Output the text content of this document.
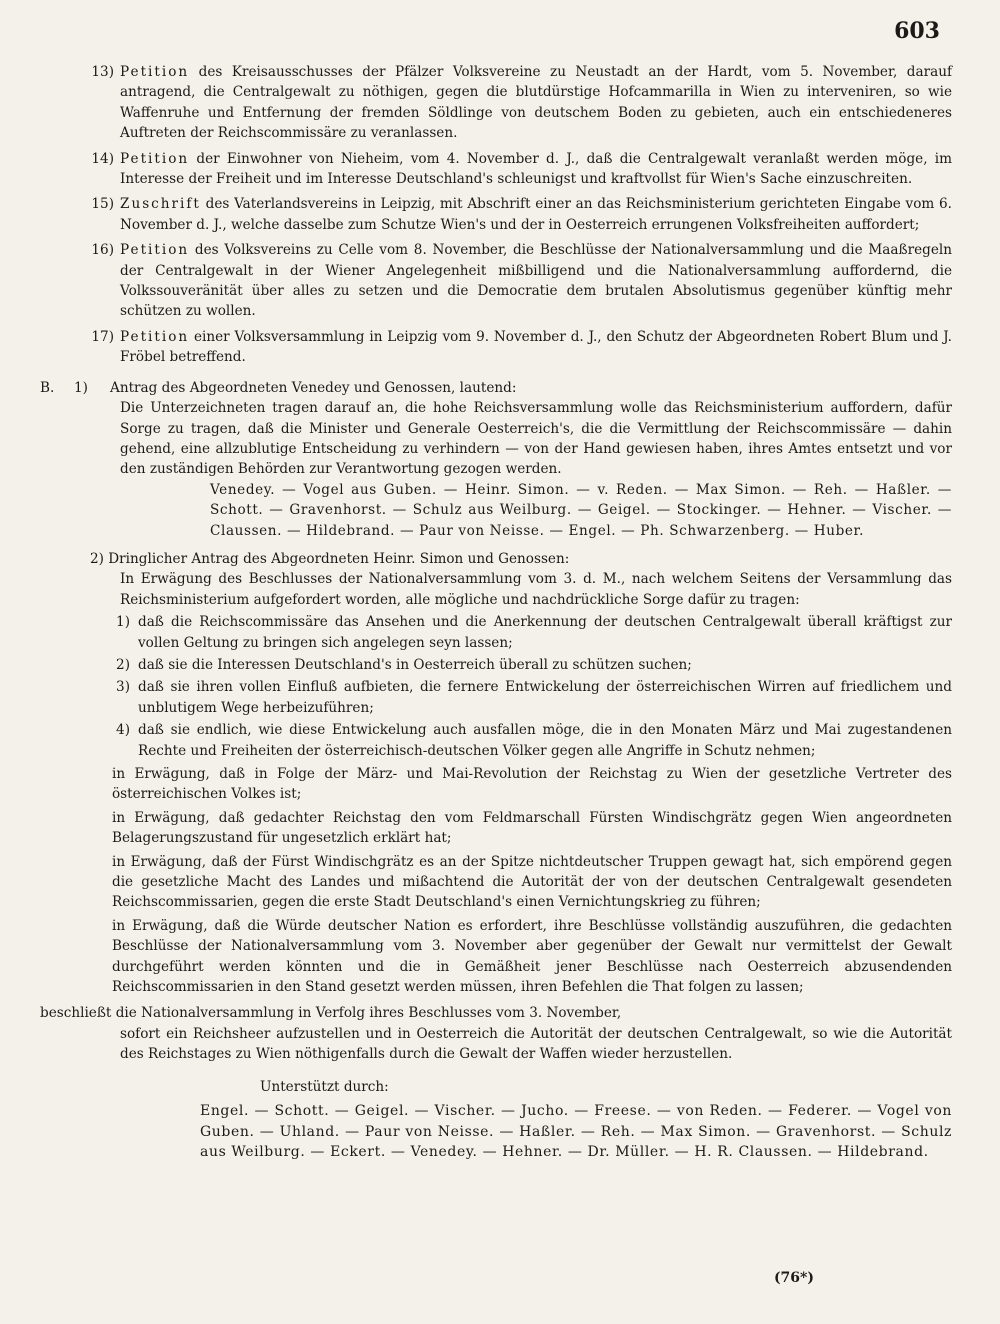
603
13) Petition des Kreisausschusses der Pfälzer Volksvereine zu Neustadt an der Hardt, vom 5. November, darauf antragend, die Centralgewalt zu nöthigen, gegen die blutdürstige Hofcammarilla in Wien zu interveniren, so wie Waffenruhe und Entfernung der fremden Söldlinge von deutschem Boden zu gebieten, auch ein entschiedeneres Auftreten der Reichscommissäre zu veranlassen.
14) Petition der Einwohner von Nieheim, vom 4. November d. J., daß die Centralgewalt veranlaßt werden möge, im Interesse der Freiheit und im Interesse Deutschland's schleunigst und kraftvollst für Wien's Sache einzuschreiten.
15) Zuschrift des Vaterlandsvereins in Leipzig, mit Abschrift einer an das Reichsministerium gerichteten Eingabe vom 6. November d. J., welche dasselbe zum Schutze Wien's und der in Oesterreich errungenen Volksfreiheiten auffordert;
16) Petition des Volksvereins zu Celle vom 8. November, die Beschlüsse der Nationalversammlung und die Maaßregeln der Centralgewalt in der Wiener Angelegenheit mißbilligend und die Nationalversammlung auffordernd, die Volkssouveränität über alles zu setzen und die Democratie dem brutalen Absolutismus gegenüber künftig mehr schützen zu wollen.
17) Petition einer Volksversammlung in Leipzig vom 9. November d. J., den Schutz der Abgeordneten Robert Blum und J. Fröbel betreffend.
B.	1)	Antrag des Abgeordneten Venedey und Genossen, lautend:
Die Unterzeichneten tragen darauf an, die hohe Reichsversammlung wolle das Reichsministerium auffordern, dafür Sorge zu tragen, daß die Minister und Generale Oesterreich's, die die Vermittlung der Reichscommissäre — dahin gehend, eine allzublutige Entscheidung zu verhindern — von der Hand gewiesen haben, ihres Amtes entsetzt und vor den zuständigen Behörden zur Verantwortung gezogen werden.
Venedey. — Vogel aus Guben. — Heinr. Simon. — v. Reden. — Max Simon. — Reh. — Haßler. — Schott. — Gravenhorst. — Schulz aus Weilburg. — Geigel. — Stockinger. — Hehner. — Vischer. — Claussen. — Hildebrand. — Paur von Neisse. — Engel. — Ph. Schwarzenberg. — Huber.
2) Dringlicher Antrag des Abgeordneten Heinr. Simon und Genossen:
In Erwägung des Beschlusses der Nationalversammlung vom 3. d. M., nach welchem Seitens der Versammlung das Reichsministerium aufgefordert worden, alle mögliche und nachdrückliche Sorge dafür zu tragen:
1) daß die Reichscommissäre das Ansehen und die Anerkennung der deutschen Centralgewalt überall kräftigst zur vollen Geltung zu bringen sich angelegen seyn lassen;
2) daß sie die Interessen Deutschland's in Oesterreich überall zu schützen suchen;
3) daß sie ihren vollen Einfluß aufbieten, die fernere Entwickelung der österreichischen Wirren auf friedlichem und unblutigem Wege herbeizuführen;
4) daß sie endlich, wie diese Entwickelung auch ausfallen möge, die in den Monaten März und Mai zugestandenen Rechte und Freiheiten der österreichisch-deutschen Völker gegen alle Angriffe in Schutz nehmen;
in Erwägung, daß in Folge der März- und Mai-Revolution der Reichstag zu Wien der gesetzliche Vertreter des österreichischen Volkes ist;
in Erwägung, daß gedachter Reichstag den vom Feldmarschall Fürsten Windischgrätz gegen Wien angeordneten Belagerungszustand für ungesetzlich erklärt hat;
in Erwägung, daß der Fürst Windischgrätz es an der Spitze nichtdeutscher Truppen gewagt hat, sich empörend gegen die gesetzliche Macht des Landes und mißachtend die Autorität der von der deutschen Centralgewalt gesendeten Reichscommissarien, gegen die erste Stadt Deutschland's einen Vernichtungskrieg zu führen;
in Erwägung, daß die Würde deutscher Nation es erfordert, ihre Beschlüsse vollständig auszuführen, die gedachten Beschlüsse der Nationalversammlung vom 3. November aber gegenüber der Gewalt nur vermittelst der Gewalt durchgeführt werden könnten und die in Gemäßheit jener Beschlüsse nach Oesterreich abzusendenden Reichscommissarien in den Stand gesetzt werden müssen, ihren Befehlen die That folgen zu lassen;
beschließt die Nationalversammlung in Verfolg ihres Beschlusses vom 3. November,
sofort ein Reichsheer aufzustellen und in Oesterreich die Autorität der deutschen Centralgewalt, so wie die Autorität des Reichstages zu Wien nöthigenfalls durch die Gewalt der Waffen wieder herzustellen.
Unterstützt durch:
Engel. — Schott. — Geigel. — Vischer. — Jucho. — Freese. — von Reden. — Federer. — Vogel von Guben. — Uhland. — Paur von Neisse. — Haßler. — Reh. — Max Simon. — Gravenhorst. — Schulz aus Weilburg. — Eckert. — Venedey. — Hehner. — Dr. Müller. — H. R. Claussen. — Hildebrand.
(76*)
